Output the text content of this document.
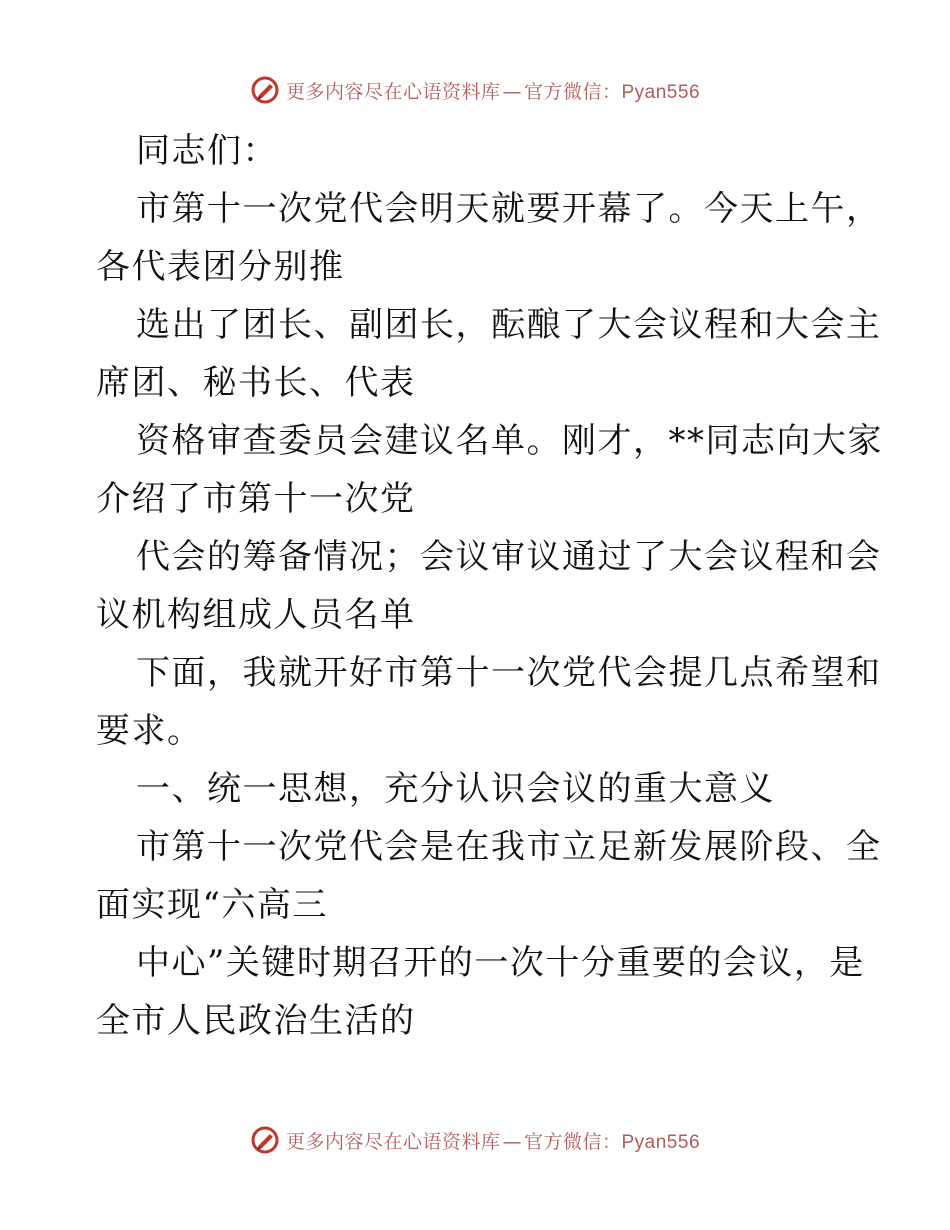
更多内容尽在心语资料库 — 官方微信：Pyan556
同志们：
市第十一次党代会明天就要开幕了。今天上午，
各代表团分别推
选出了团长、副团长，酝酿了大会议程和大会主
席团、秘书长、代表
资格审查委员会建议名单。刚才，**同志向大家
介绍了市第十一次党
代会的筹备情况；会议审议通过了大会议程和会
议机构组成人员名单
下面，我就开好市第十一次党代会提几点希望和
要求。
一、统一思想，充分认识会议的重大意义
市第十一次党代会是在我市立足新发展阶段、全
面实现“六高三
中心”关键时期召开的一次十分重要的会议，是
全市人民政治生活的
更多内容尽在心语资料库 — 官方微信：Pyan556
